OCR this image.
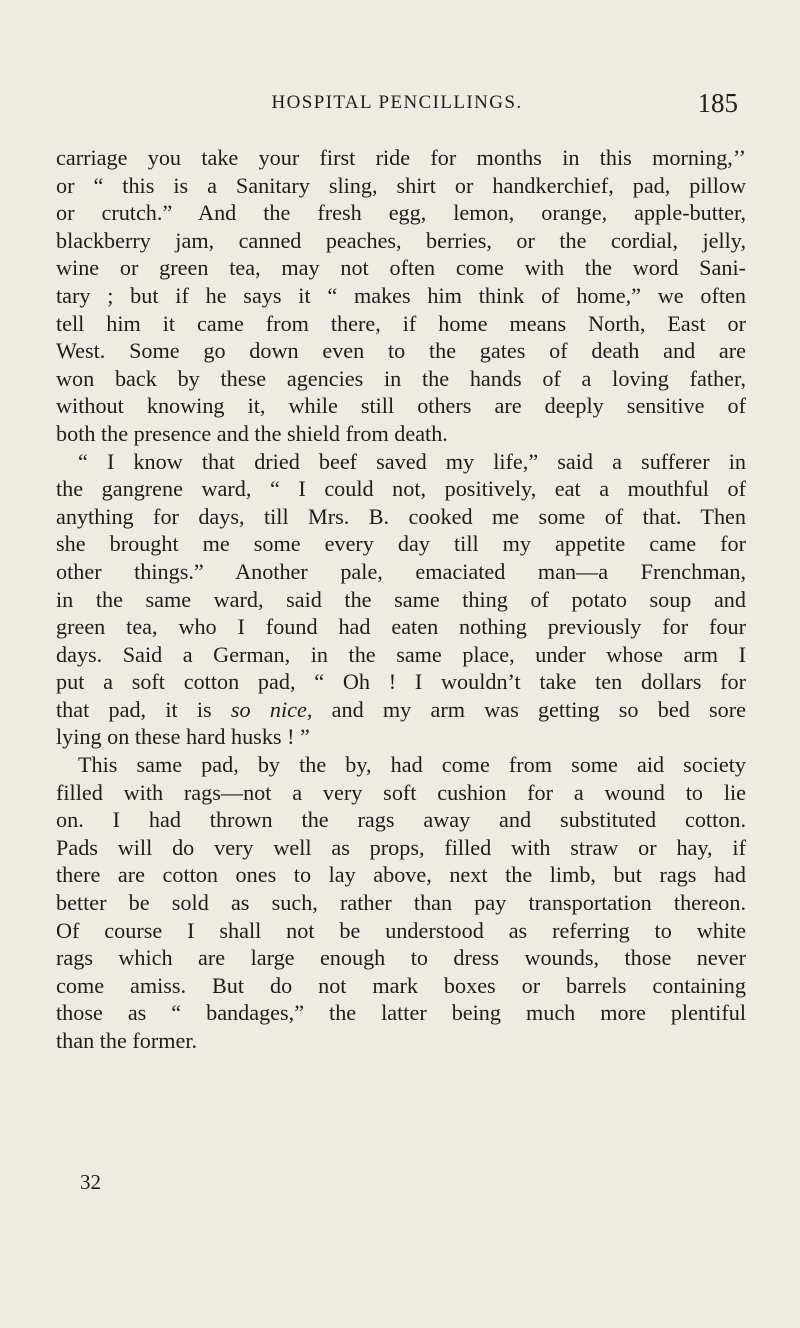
HOSPITAL PENCILLINGS.	185
carriage you take your first ride for months in this morning,’’
or “ this is a Sanitary sling, shirt or handkerchief, pad, pillow
or crutch.” And the fresh egg, lemon, orange, apple-butter,
blackberry jam, canned peaches, berries, or the cordial, jelly,
wine or green tea, may not often come with the word Sani-
tary ; but if he says it “ makes him think of home,” we often
tell him it came from there, if home means North, East or
West. Some go down even to the gates of death and are
won back by these agencies in the hands of a loving father,
without knowing it, while still others are deeply sensitive of
both the presence and the shield from death.
“ I know that dried beef saved my life,” said a sufferer in
the gangrene ward, “ I could not, positively, eat a mouthful of
anything for days, till Mrs. B. cooked me some of that. Then
she brought me some every day till my appetite came for
other things.” Another pale, emaciated man—a Frenchman,
in the same ward, said the same thing of potato soup and
green tea, who I found had eaten nothing previously for four
days. Said a German, in the same place, under whose arm I
put a soft cotton pad, “ Oh ! I wouldn’t take ten dollars for
that pad, it is so nice, and my arm was getting so bed sore
lying on these hard husks ! ”
This same pad, by the by, had come from some aid society
filled with rags—not a very soft cushion for a wound to lie
on. I had thrown the rags away and substituted cotton.
Pads will do very well as props, filled with straw or hay, if
there are cotton ones to lay above, next the limb, but rags had
better be sold as such, rather than pay transportation thereon.
Of course I shall not be understood as referring to white
rags which are large enough to dress wounds, those never
come amiss. But do not mark boxes or barrels containing
those as “ bandages,” the latter being much more plentiful
than the former.
32
